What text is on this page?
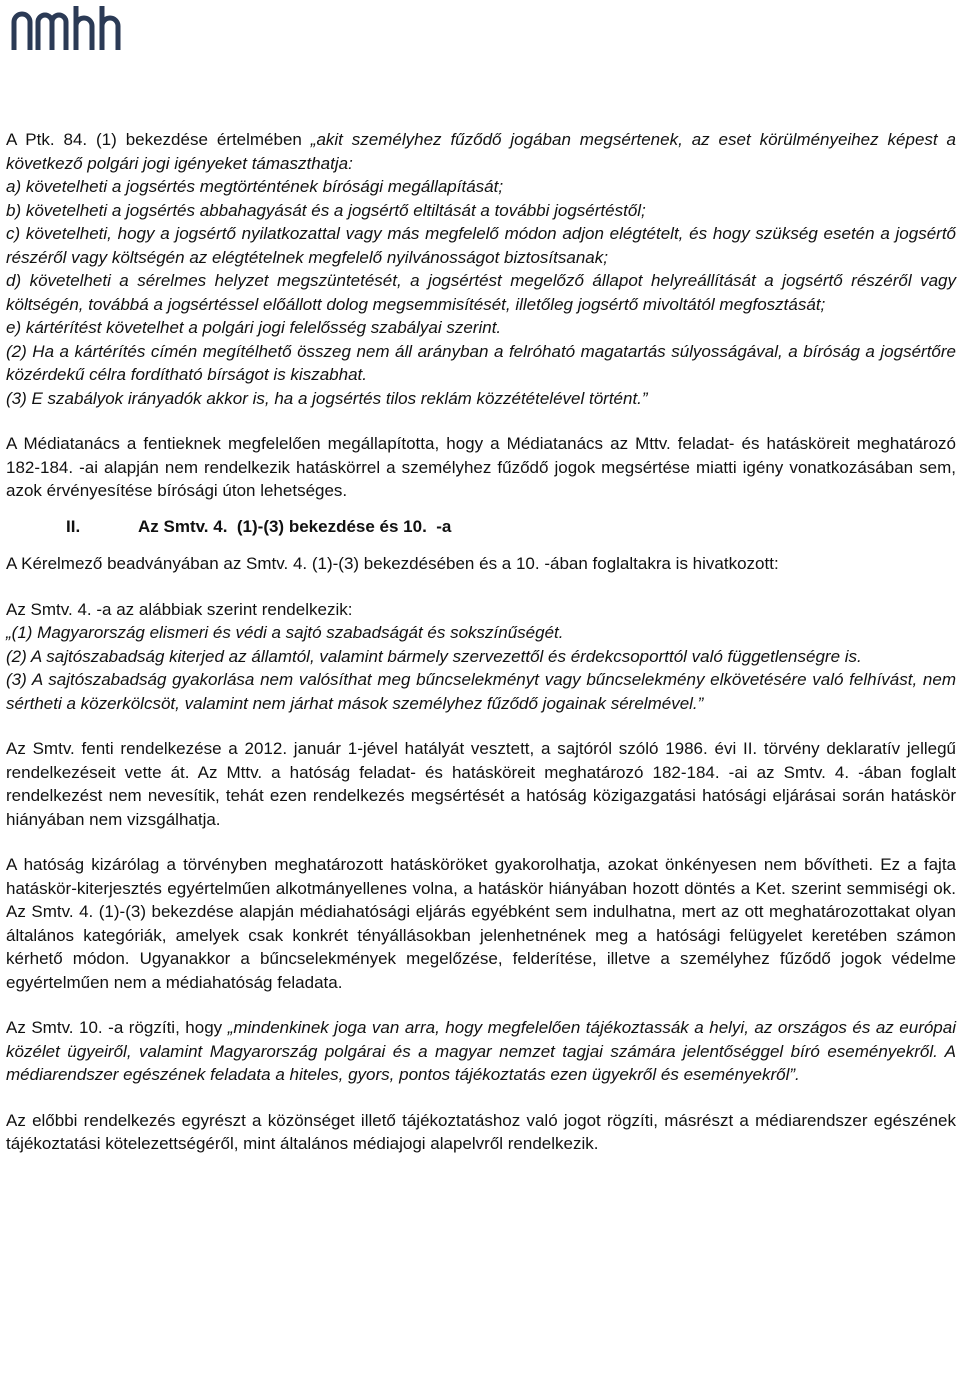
A Ptk. 84. (1) bekezdése értelmében „akit személyhez fűződő jogában megsértenek, az eset körülményeihez képest a következő polgári jogi igényeket támaszthatja:

a) követelheti a jogsértés megtörténtének bírósági megállapítását;

b) követelheti a jogsértés abbahagyását és a jogsértő eltiltását a további jogsértéstől;

c) követelheti, hogy a jogsértő nyilatkozattal vagy más megfelelő módon adjon elégtételt, és hogy szükség esetén a jogsértő részéről vagy költségén az elégtételnek megfelelő nyilvánosságot biztosítsanak;

d) követelheti a sérelmes helyzet megszüntetését, a jogsértést megelőző állapot helyreállítását a jogsértő részéről vagy költségén, továbbá a jogsértéssel előállott dolog megsemmisítését, illetőleg jogsértő mivoltától megfosztását;

e) kártérítést követelhet a polgári jogi felelősség szabályai szerint.

(2) Ha a kártérítés címén megítélhető összeg nem áll arányban a felróható magatartás súlyosságával, a bíróság a jogsértőre közérdekű célra fordítható bírságot is kiszabhat.

(3) E szabályok irányadók akkor is, ha a jogsértés tilos reklám közzétételével történt.”

A Médiatanács a fentieknek megfelelően megállapította, hogy a Médiatanács az Mttv. feladat- és hatásköreit meghatározó 182-184. -ai alapján nem rendelkezik hatáskörrel a személyhez fűződő jogok megsértése miatti igény vonatkozásában sem, azok érvényesítése bírósági úton lehetséges.

II.	Az Smtv. 4.  (1)-(3) bekezdése és 10.  -a

A Kérelmező beadványában az Smtv. 4. (1)-(3) bekezdésében és a 10. -ában foglaltakra is hivatkozott:

Az Smtv. 4. -a az alábbiak szerint rendelkezik:

„(1) Magyarország elismeri és védi a sajtó szabadságát és sokszínűségét.

(2) A sajtószabadság kiterjed az államtól, valamint bármely szervezettől és érdekcsoporttól való függetlenségre is.

(3) A sajtószabadság gyakorlása nem valósíthat meg bűncselekményt vagy bűncselekmény elkövetésére való felhívást, nem sértheti a közerkölcsöt, valamint nem járhat mások személyhez fűződő jogainak sérelmével.”

Az Smtv. fenti rendelkezése a 2012. január 1-jével hatályát vesztett, a sajtóról szóló 1986. évi II. törvény deklaratív jellegű rendelkezéseit vette át. Az Mttv. a hatóság feladat- és hatásköreit meghatározó 182-184. -ai az Smtv. 4. -ában foglalt rendelkezést nem nevesítik, tehát ezen rendelkezés megsértését a hatóság közigazgatási hatósági eljárásai során hatáskör hiányában nem vizsgálhatja.

A hatóság kizárólag a törvényben meghatározott hatásköröket gyakorolhatja, azokat önkényesen nem bővítheti. Ez a fajta hatáskör-kiterjesztés egyértelműen alkotmányellenes volna, a hatáskör hiányában hozott döntés a Ket. szerint semmiségi ok. Az Smtv. 4. (1)-(3) bekezdése alapján médiahatósági eljárás egyébként sem indulhatna, mert az ott meghatározottakat olyan általános kategóriák, amelyek csak konkrét tényállásokban jelenhetnének meg a hatósági felügyelet keretében számon kérhető módon. Ugyanakkor a bűncselekmények megelőzése, felderítése, illetve a személyhez fűződő jogok védelme egyértelműen nem a médiahatóság feladata.

Az Smtv. 10. -a rögzíti, hogy „mindenkinek joga van arra, hogy megfelelően tájékoztassák a helyi, az országos és az európai közélet ügyeiről, valamint Magyarország polgárai és a magyar nemzet tagjai számára jelentőséggel bíró eseményekről. A médiarendszer egészének feladata a hiteles, gyors, pontos tájékoztatás ezen ügyekről és eseményekről”.

Az előbbi rendelkezés egyrészt a közönséget illető tájékoztatáshoz való jogot rögzíti, másrészt a médiarendszer egészének tájékoztatási kötelezettségéről, mint általános médiajogi alapelvről rendelkezik.
